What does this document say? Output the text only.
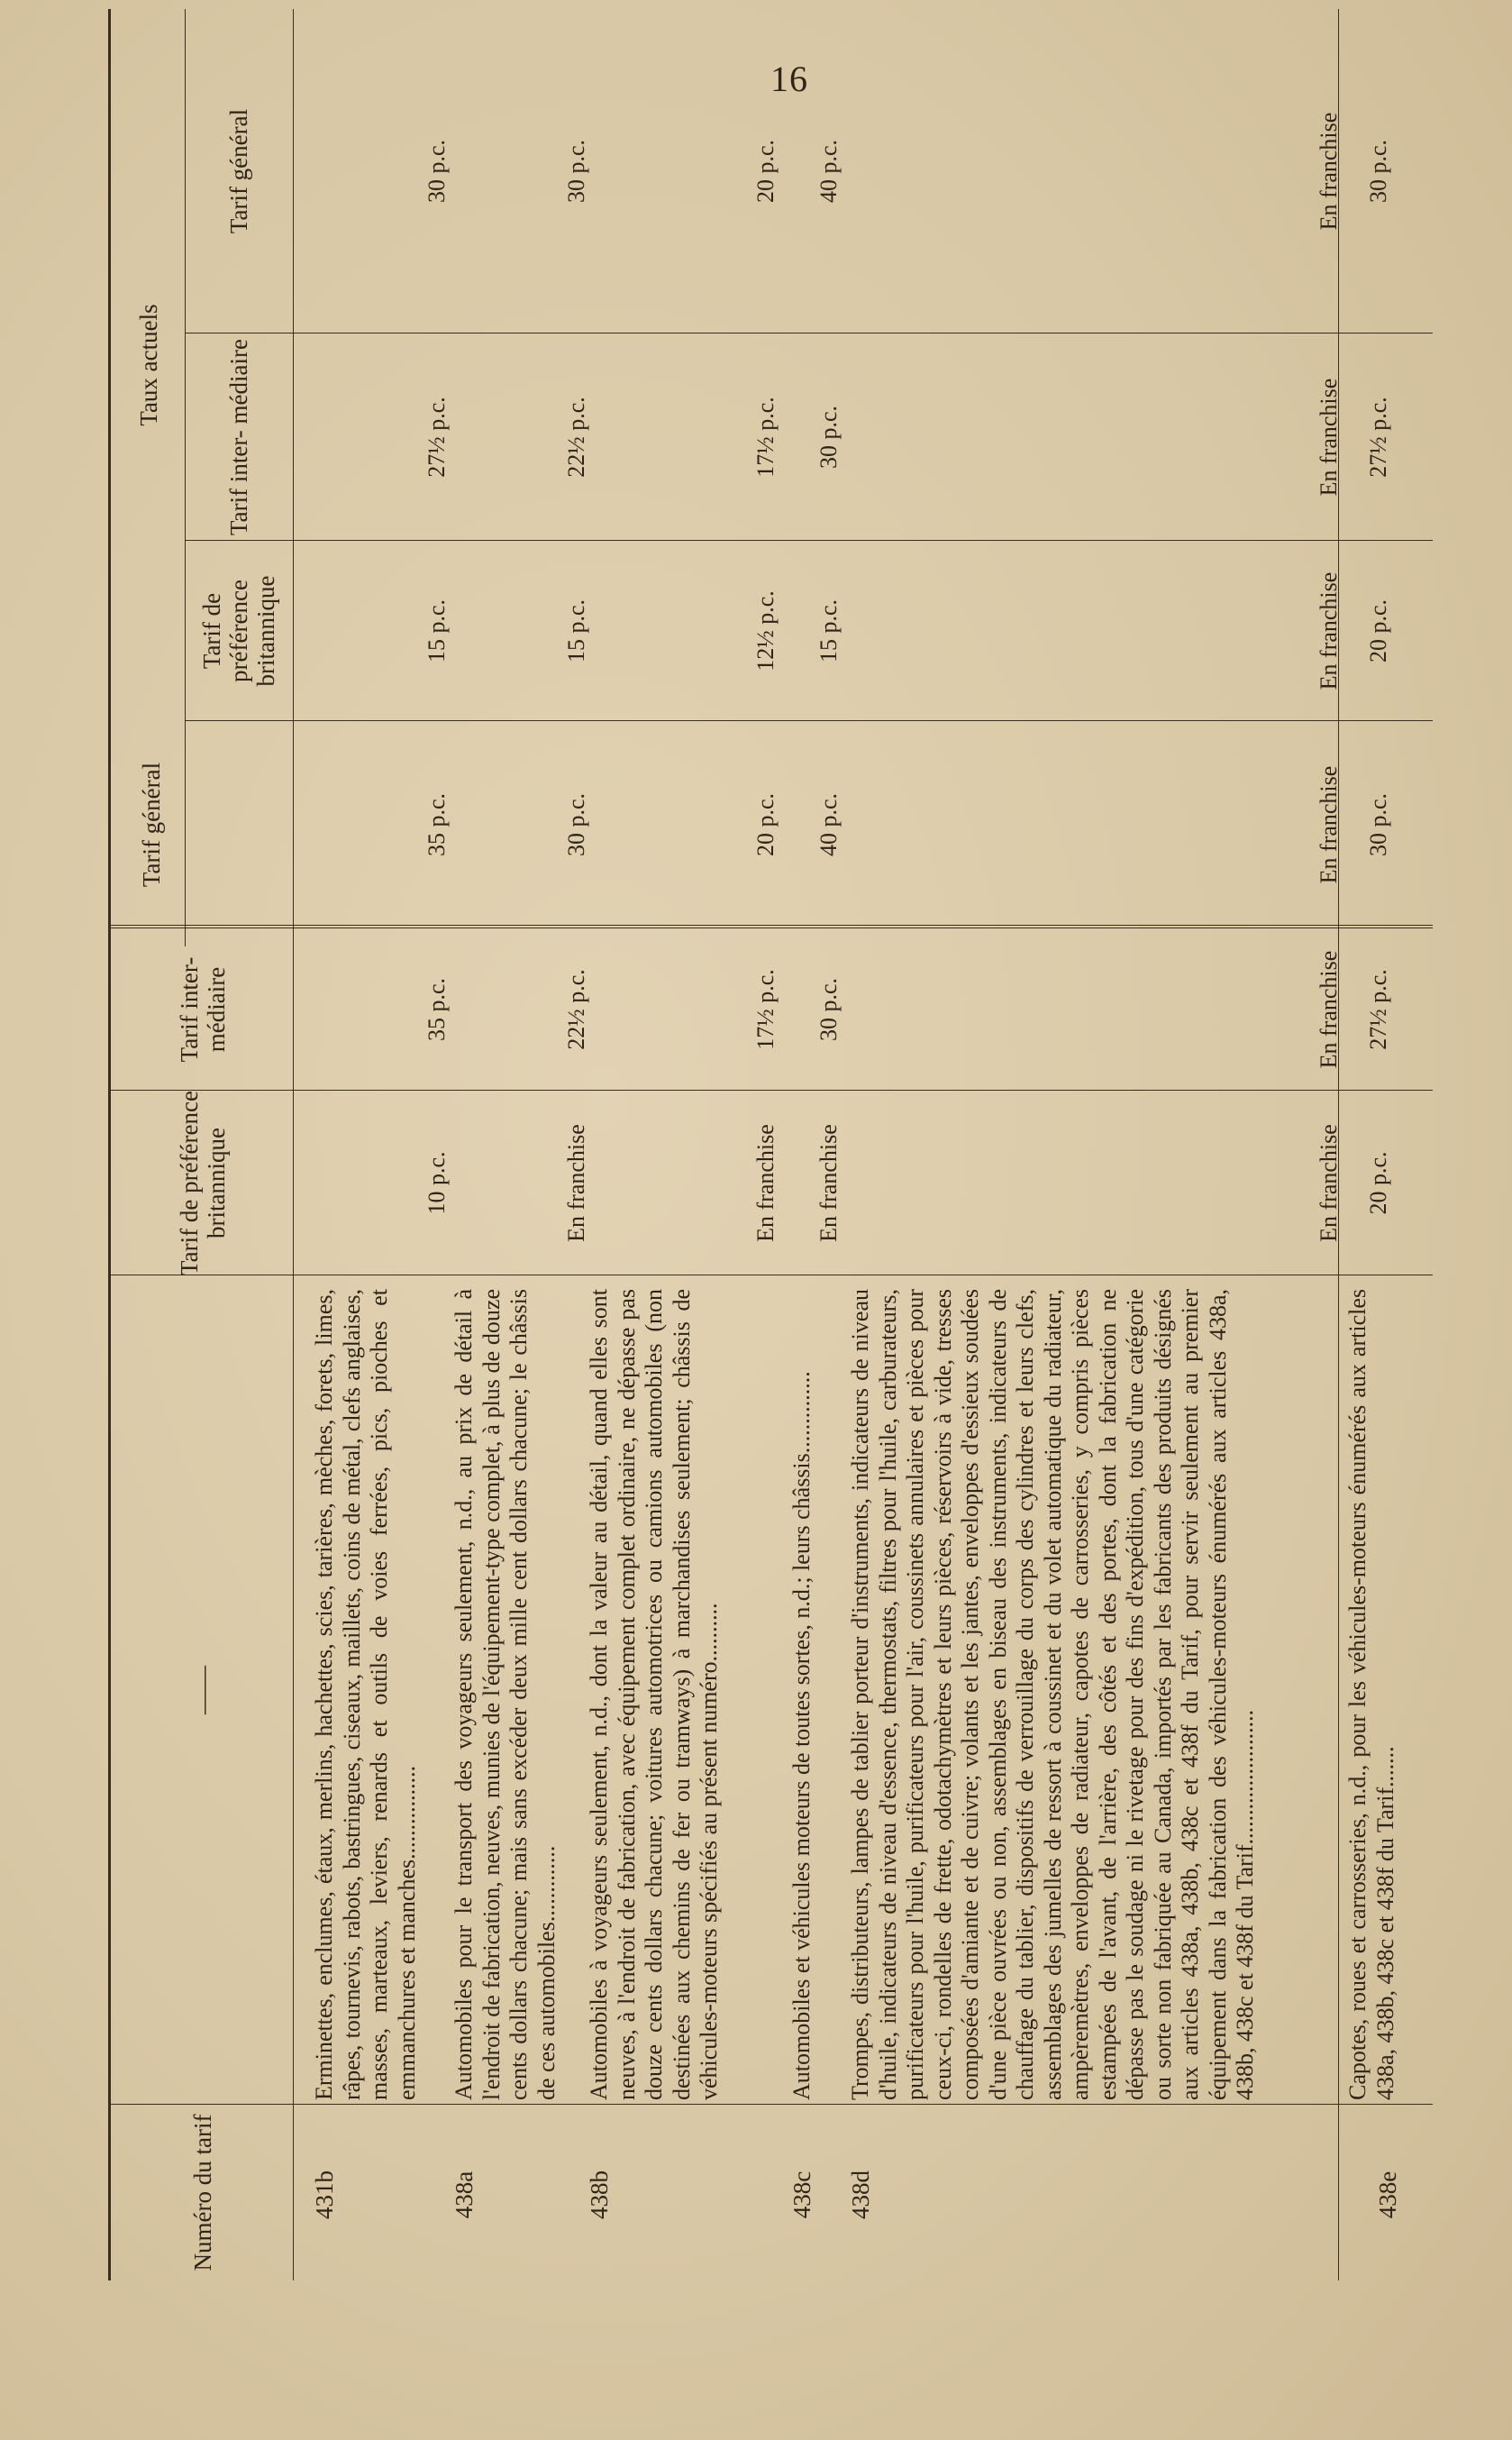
16
Numéro du tarif
——
Tarif de préférence britannique
Tarif inter- médiaire
Tarif général
Taux actuels
Tarif de préférence britannique
Tarif inter- médiaire
Tarif général
431b
Erminettes, enclumes, étaux, merlins, hachettes, scies, tarières, mèches, forets, limes, râpes, tournevis, rabots, bastringues, ciseaux, maillets, coins de métal, clefs anglaises, masses, marteaux, leviers, renards et outils de voies ferrées, pics, pioches et emmanchures et manches................
10 p.c.
35 p.c.
35 p.c.
15 p.c.
27½ p.c.
30 p.c.
438a
Automobiles pour le transport des voyageurs seulement, n.d., au prix de détail à l'endroit de fabrication, neuves, munies de l'équipement-type complet, à plus de douze cents dollars chacune; mais sans excéder deux mille cent dollars chacune; le châssis de ces automobiles.............
En franchise
22½ p.c.
30 p.c.
15 p.c.
22½ p.c.
30 p.c.
438b
Automobiles à voyageurs seulement, n.d., dont la valeur au détail, quand elles sont neuves, à l'endroit de fabrication, avec équipement complet ordinaire, ne dépasse pas douze cents dollars chacune; voitures automotrices ou camions automobiles (non destinées aux chemins de fer ou tramways) à marchandises seulement; châssis de véhicules-moteurs spécifiés au présent numéro..........
En franchise
17½ p.c.
20 p.c.
12½ p.c.
17½ p.c.
20 p.c.
438c
Automobiles et véhicules moteurs de toutes sortes, n.d.; leurs châssis..............
En franchise
30 p.c.
40 p.c.
15 p.c.
30 p.c.
40 p.c.
438d
Trompes, distributeurs, lampes de tablier porteur d'instruments, indicateurs de niveau d'huile, indicateurs de niveau d'essence, thermostats, filtres pour l'huile, carburateurs, purificateurs pour l'huile, purificateurs pour l'air, coussinets annulaires et pièces pour ceux-ci, rondelles de frette, odotachymètres et leurs pièces, réservoirs à vide, tresses composées d'amiante et de cuivre; volants et les jantes, enveloppes d'essieux soudées d'une pièce ouvrées ou non, assemblages en biseau des instruments, indicateurs de chauffage du tablier, dispositifs de verrouillage du corps des cylindres et leurs clefs, assemblages des jumelles de ressort à coussinet et du volet automatique du radiateur, ampèremètres, enveloppes de radiateur, capotes de carrosseries, y compris pièces estampées de l'avant, de l'arrière, des côtés et des portes, dont la fabrication ne dépasse pas le soudage ni le rivetage pour des fins d'expédition, tous d'une catégorie ou sorte non fabriquée au Canada, importés par les fabricants des produits désignés aux articles 438a, 438b, 438c et 438f du Tarif, pour servir seulement au premier équipement dans la fabrication des véhicules-moteurs énumérés aux articles 438a, 438b, 438c et 438f du Tarif.......................
En franchise
En franchise
En franchise
En franchise
En franchise
En franchise
438e
Capotes, roues et carrosseries, n.d., pour les véhicules-moteurs énumérés aux articles 438a, 438b, 438c et 438f du Tarif.......
20 p.c.
27½ p.c.
30 p.c.
20 p.c.
27½ p.c.
30 p.c.
